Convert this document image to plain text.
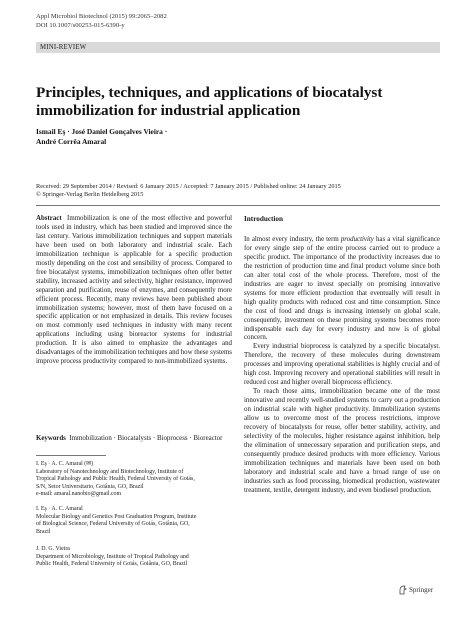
Appl Microbiol Biotechnol (2015) 99:2065–2082
DOI 10.1007/s00253-015-6390-y
MINI-REVIEW
Principles, techniques, and applications of biocatalyst immobilization for industrial application
Ismail Eş · José Daniel Gonçalves Vieira ·
André Corrêa Amaral
Received: 29 September 2014 / Revised: 6 January 2015 / Accepted: 7 January 2015 / Published online: 24 January 2015
© Springer-Verlag Berlin Heidelberg 2015
Abstract Immobilization is one of the most effective and powerful tools used in industry, which has been studied and improved since the last century. Various immobilization techniques and support materials have been used on both laboratory and industrial scale. Each immobilization technique is applicable for a specific production mostly depending on the cost and sensibility of process. Compared to free biocatalyst systems, immobilization techniques often offer better stability, increased activity and selectivity, higher resistance, improved separation and purification, reuse of enzymes, and consequently more efficient process. Recently, many reviews have been published about immobilization systems; however, most of them have focused on a specific application or not emphasized in details. This review focuses on most commonly used techniques in industry with many recent applications including using bioreactor systems for industrial production. It is also aimed to emphasize the advantages and disadvantages of the immobilization techniques and how these systems improve process productivity compared to non-immobilized systems.
Keywords Immobilization · Biocatalysts · Bioprocess · Bioreactor
I. Eş · A. C. Amaral (✉)
Laboratory of Nanotechnology and Biotechnology, Institute of
Tropical Pathology and Public Health, Federal University of Goiás,
S/N, Setor Universitario, Goiânia, GO, Brazil
e-mail: amaral.nanobio@gmail.com
I. Eş · A. C. Amaral
Molecular Biology and Genetics Post Graduation Program, Institute
of Biological Science, Federal University of Goiás, Goiânia, GO,
Brazil
J. D. G. Vieira
Department of Microbiology, Institute of Tropical Pathology and
Public Health, Federal University of Goiás, Goiânia, GO, Brazil
Introduction
In almost every industry, the term productivity has a vital significance for every single step of the entire process carried out to produce a specific product. The importance of the productivity increases due to the restriction of production time and final product volume since both can alter total cost of the whole process. Therefore, most of the industries are eager to invest specially on promising innovative systems for more efficient production that eventually will result in high quality products with reduced cost and time consumption. Since the cost of food and drugs is increasing intensely on global scale, consequently, investment on these promising systems becomes more indispensable each day for every industry and now is of global concern.
Every industrial bioprocess is catalyzed by a specific biocatalyst. Therefore, the recovery of these molecules during downstream processes and improving operational stabilities is highly crucial and of high cost. Improving recovery and operational stabilities will result in reduced cost and higher overall bioprocess efficiency.
To reach those aims, immobilization became one of the most innovative and recently well-studied systems to carry out a production on industrial scale with higher productivity. Immobilization systems allow us to overcome most of the process restrictions, improve recovery of biocatalysts for reuse, offer better stability, activity, and selectivity of the molecules, higher resistance against inhibition, help the elimination of unnecessary separation and purification steps, and consequently produce desired products with more efficiency. Various immobilization techniques and materials have been used on both laboratory and industrial scale and have a broad range of use on industries such as food processing, biomedical production, wastewater treatment, textile, detergent industry, and even biodiesel production.
Springer
